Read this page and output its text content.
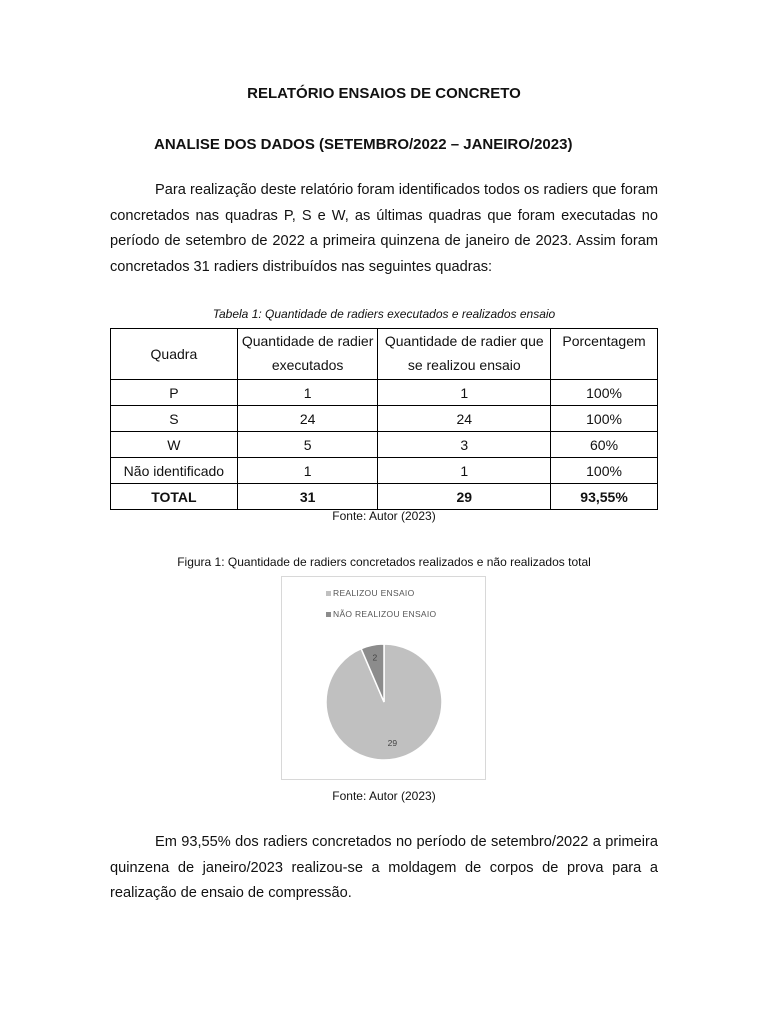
RELATÓRIO ENSAIOS DE CONCRETO
ANALISE DOS DADOS (SETEMBRO/2022 – JANEIRO/2023)
Para realização deste relatório foram identificados todos os radiers que foram concretados nas quadras P, S e W, as últimas quadras que foram executadas no período de setembro de 2022 a primeira quinzena de janeiro de 2023. Assim foram concretados 31 radiers distribuídos nas seguintes quadras:
Tabela 1: Quantidade de radiers executados e realizados ensaio
Quadra	Quantidade de radier executados	Quantidade de radier que se realizou ensaio	Porcentagem
P	1	1	100%
S	24	24	100%
W	5	3	60%
Não identificado	1	1	100%
TOTAL	31	29	93,55%
Fonte: Autor (2023)
Figura 1: Quantidade de radiers concretados realizados e não realizados total
REALIZOU ENSAIO
NÃO REALIZOU ENSAIO
29
2
Fonte: Autor (2023)
Em 93,55% dos radiers concretados no período de setembro/2022 a primeira quinzena de janeiro/2023 realizou-se a moldagem de corpos de prova para a realização de ensaio de compressão.
